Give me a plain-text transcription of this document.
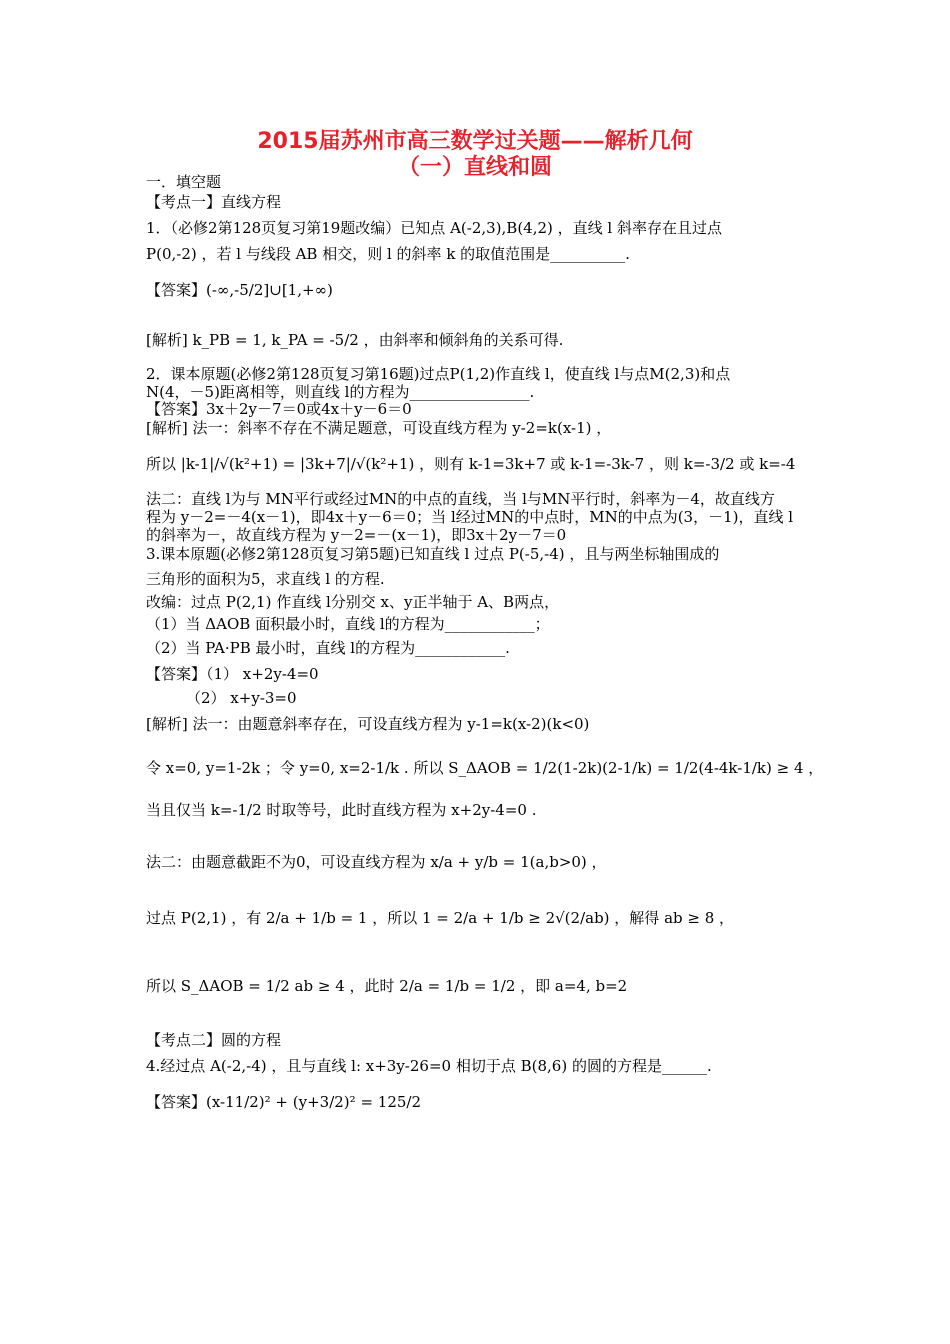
2015届苏州市高三数学过关题——解析几何
（一）直线和圆
一．填空题
【考点一】直线方程
1．（必修2第128页复习第19题改编）已知点 A(-2,3),B(4,2) ，直线 l 斜率存在且过点
P(0,-2) ，若 l 与线段 AB 相交，则 l 的斜率 k 的取值范围是__________.
【答案】(-∞,-5/2]∪[1,+∞)
[解析] k_PB = 1, k_PA = -5/2 ，由斜率和倾斜角的关系可得.
2．课本原题(必修2第128页复习第16题)过点P(1,2)作直线 l，使直线 l与点M(2,3)和点
N(4，－5)距离相等，则直线 l的方程为________________.
【答案】3x＋2y－7＝0或4x＋y－6＝0
[解析] 法一：斜率不存在不满足题意，可设直线方程为 y-2=k(x-1) ，
所以 |k-1|/√(k²+1) = |3k+7|/√(k²+1) ，则有 k-1=3k+7 或 k-1=-3k-7 ，则 k=-3/2 或 k=-4
法二：直线 l为与 MN平行或经过MN的中点的直线，当 l与MN平行时，斜率为－4，故直线方
程为 y－2=－4(x－1)，即4x＋y－6＝0；当 l经过MN的中点时，MN的中点为(3，－1)，直线 l
的斜率为－，故直线方程为 y－2=－(x－1)，即3x＋2y－7＝0
3.课本原题(必修2第128页复习第5题)已知直线 l 过点 P(-5,-4) ，且与两坐标轴围成的
三角形的面积为5，求直线 l 的方程.
改编：过点 P(2,1) 作直线 l分别交 x、y正半轴于 A、B两点，
（1）当 ΔAOB 面积最小时，直线 l的方程为____________；
（2）当 PA·PB 最小时，直线 l的方程为____________.
【答案】（1） x+2y-4=0
（2） x+y-3=0
[解析] 法一：由题意斜率存在，可设直线方程为 y-1=k(x-2)(k<0)
令 x=0, y=1-2k ；令 y=0, x=2-1/k . 所以 S_ΔAOB = 1/2(1-2k)(2-1/k) = 1/2(4-4k-1/k) ≥ 4 ，
当且仅当 k=-1/2 时取等号，此时直线方程为 x+2y-4=0 .
法二：由题意截距不为0，可设直线方程为 x/a + y/b = 1(a,b>0) ，
过点 P(2,1) ，有 2/a + 1/b = 1 ，所以 1 = 2/a + 1/b ≥ 2√(2/ab) ，解得 ab ≥ 8 ，
所以 S_ΔAOB = 1/2 ab ≥ 4 ，此时 2/a = 1/b = 1/2 ，即 a=4, b=2
【考点二】圆的方程
4.经过点 A(-2,-4) ，且与直线 l: x+3y-26=0 相切于点 B(8,6) 的圆的方程是______.
【答案】(x-11/2)² + (y+3/2)² = 125/2
